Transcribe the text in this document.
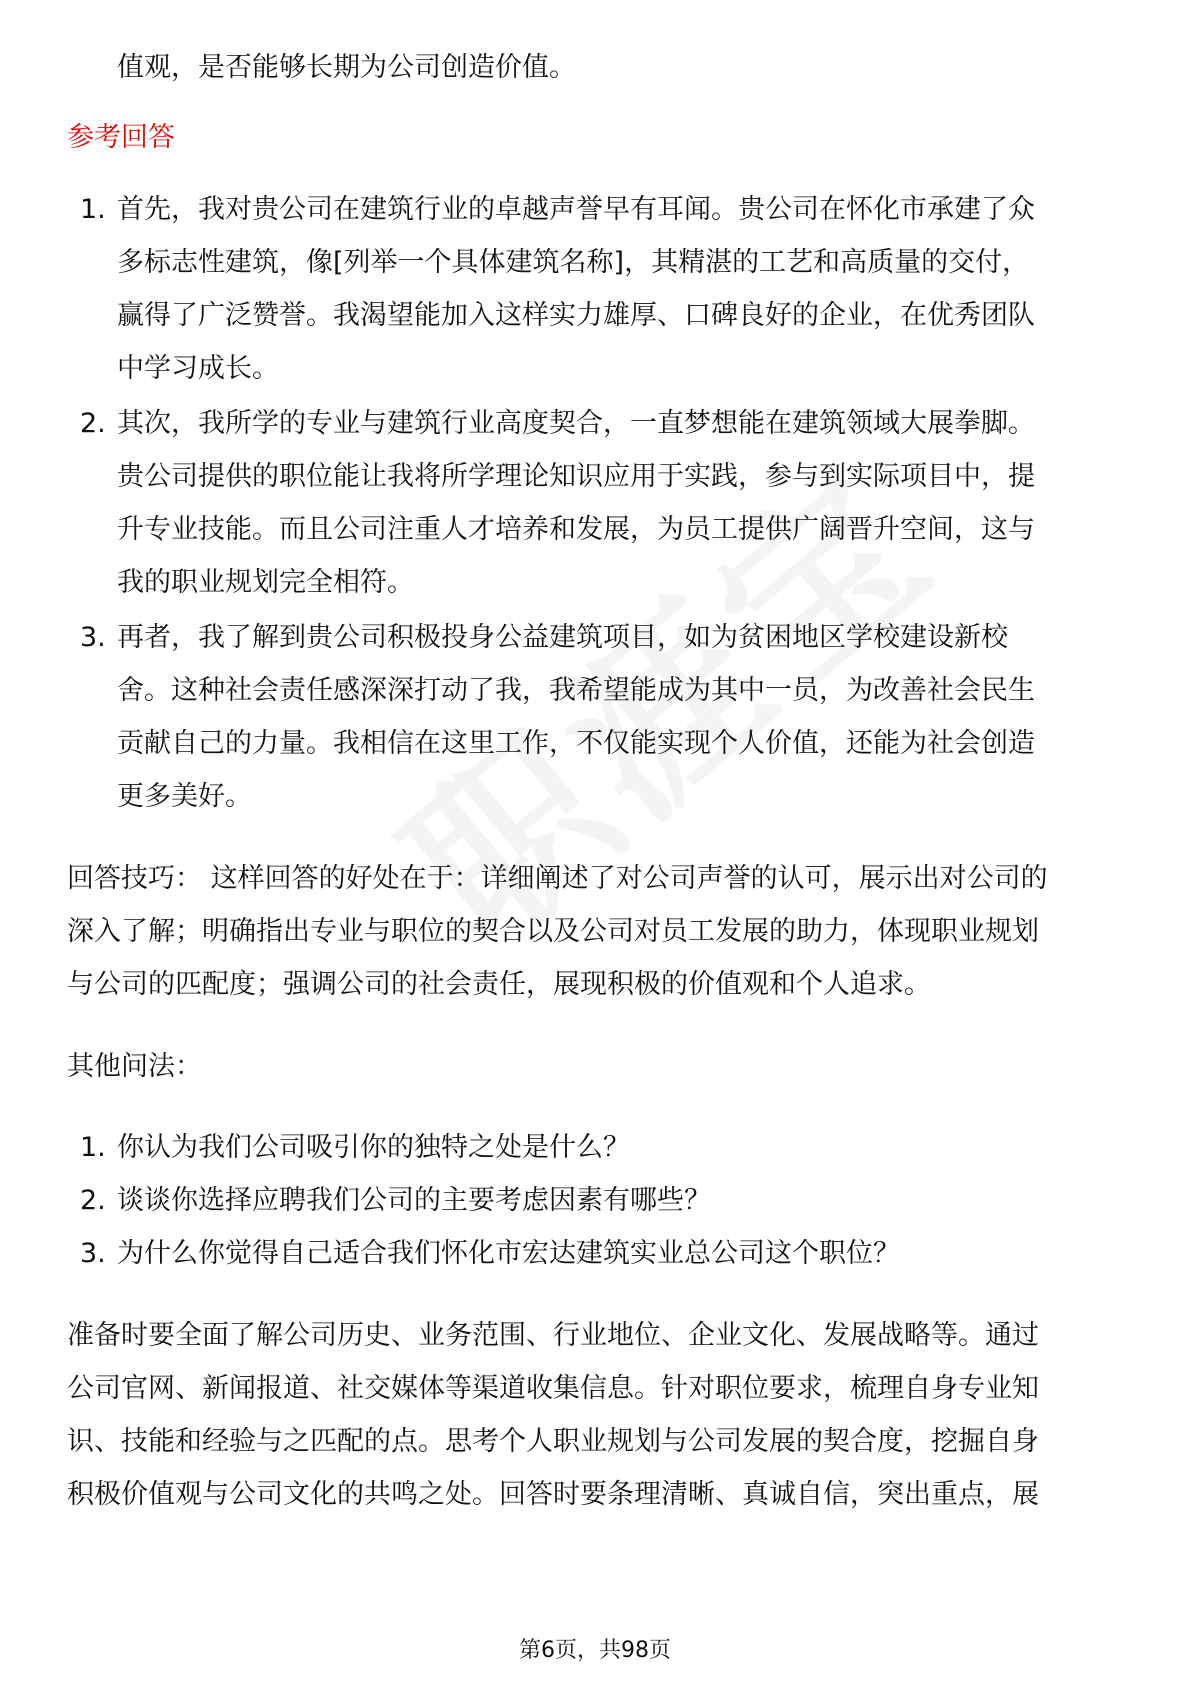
值观，是否能够长期为公司创造价值。
参考回答
1. 首先，我对贵公司在建筑行业的卓越声誉早有耳闻。贵公司在怀化市承建了众
多标志性建筑，像[列举一个具体建筑名称]，其精湛的工艺和高质量的交付，
赢得了广泛赞誉。我渴望能加入这样实力雄厚、口碑良好的企业，在优秀团队
中学习成长。
2. 其次，我所学的专业与建筑行业高度契合，一直梦想能在建筑领域大展拳脚。
贵公司提供的职位能让我将所学理论知识应用于实践，参与到实际项目中，提
升专业技能。而且公司注重人才培养和发展，为员工提供广阔晋升空间，这与
我的职业规划完全相符。
3. 再者，我了解到贵公司积极投身公益建筑项目，如为贫困地区学校建设新校
舍。这种社会责任感深深打动了我，我希望能成为其中一员，为改善社会民生
贡献自己的力量。我相信在这里工作，不仅能实现个人价值，还能为社会创造
更多美好。
回答技巧： 这样回答的好处在于：详细阐述了对公司声誉的认可，展示出对公司的
深入了解；明确指出专业与职位的契合以及公司对员工发展的助力，体现职业规划
与公司的匹配度；强调公司的社会责任，展现积极的价值观和个人追求。
其他问法：
1. 你认为我们公司吸引你的独特之处是什么？
2. 谈谈你选择应聘我们公司的主要考虑因素有哪些？
3. 为什么你觉得自己适合我们怀化市宏达建筑实业总公司这个职位？
准备时要全面了解公司历史、业务范围、行业地位、企业文化、发展战略等。通过
公司官网、新闻报道、社交媒体等渠道收集信息。针对职位要求，梳理自身专业知
识、技能和经验与之匹配的点。思考个人职业规划与公司发展的契合度，挖掘自身
积极价值观与公司文化的共鸣之处。回答时要条理清晰、真诚自信，突出重点，展
第6页，共98页
